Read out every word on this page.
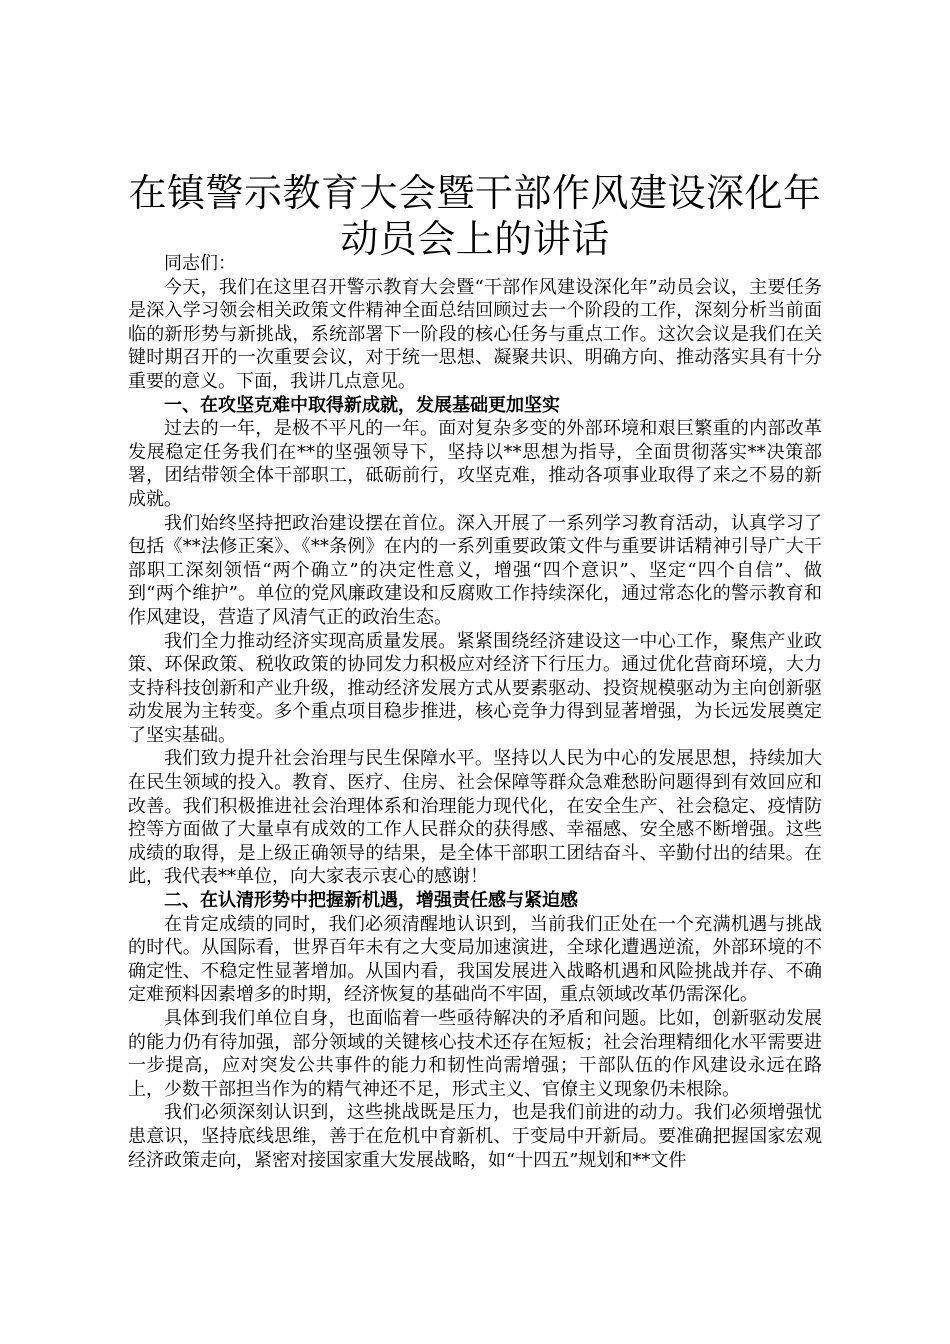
在镇警示教育大会暨干部作风建设深化年动员会上的讲话

同志们：

今天，我们在这里召开警示教育大会暨“干部作风建设深化年”动员会议，主要任务是深入学习领会相关政策文件精神全面总结回顾过去一个阶段的工作，深刻分析当前面临的新形势与新挑战，系统部署下一阶段的核心任务与重点工作。这次会议是我们在关键时期召开的一次重要会议，对于统一思想、凝聚共识、明确方向、推动落实具有十分重要的意义。下面，我讲几点意见。

一、在攻坚克难中取得新成就，发展基础更加坚实

过去的一年，是极不平凡的一年。面对复杂多变的外部环境和艰巨繁重的内部改革发展稳定任务我们在**的坚强领导下，坚持以**思想为指导，全面贯彻落实**决策部署，团结带领全体干部职工，砥砺前行，攻坚克难，推动各项事业取得了来之不易的新成就。

我们始终坚持把政治建设摆在首位。深入开展了一系列学习教育活动，认真学习了包括《**法修正案》、《**条例》在内的一系列重要政策文件与重要讲话精神引导广大干部职工深刻领悟“两个确立”的决定性意义，增强“四个意识”、坚定“四个自信”、做到“两个维护”。单位的党风廉政建设和反腐败工作持续深化，通过常态化的警示教育和作风建设，营造了风清气正的政治生态。

我们全力推动经济实现高质量发展。紧紧围绕经济建设这一中心工作，聚焦产业政策、环保政策、税收政策的协同发力积极应对经济下行压力。通过优化营商环境，大力支持科技创新和产业升级，推动经济发展方式从要素驱动、投资规模驱动为主向创新驱动发展为主转变。多个重点项目稳步推进，核心竞争力得到显著增强，为长远发展奠定了坚实基础。

我们致力提升社会治理与民生保障水平。坚持以人民为中心的发展思想，持续加大在民生领域的投入。教育、医疗、住房、社会保障等群众急难愁盼问题得到有效回应和改善。我们积极推进社会治理体系和治理能力现代化，在安全生产、社会稳定、疫情防控等方面做了大量卓有成效的工作人民群众的获得感、幸福感、安全感不断增强。这些成绩的取得，是上级正确领导的结果，是全体干部职工团结奋斗、辛勤付出的结果。在此，我代表**单位，向大家表示衷心的感谢！

二、在认清形势中把握新机遇，增强责任感与紧迫感

在肯定成绩的同时，我们必须清醒地认识到，当前我们正处在一个充满机遇与挑战的时代。从国际看，世界百年未有之大变局加速演进，全球化遭遇逆流，外部环境的不确定性、不稳定性显著增加。从国内看，我国发展进入战略机遇和风险挑战并存、不确定难预料因素增多的时期，经济恢复的基础尚不牢固，重点领域改革仍需深化。

具体到我们单位自身，也面临着一些亟待解决的矛盾和问题。比如，创新驱动发展的能力仍有待加强，部分领域的关键核心技术还存在短板；社会治理精细化水平需要进一步提高，应对突发公共事件的能力和韧性尚需增强；干部队伍的作风建设永远在路上，少数干部担当作为的精气神还不足，形式主义、官僚主义现象仍未根除。

我们必须深刻认识到，这些挑战既是压力，也是我们前进的动力。我们必须增强忧患意识，坚持底线思维，善于在危机中育新机、于变局中开新局。要准确把握国家宏观经济政策走向，紧密对接国家重大发展战略，如“十四五”规划和**文件
